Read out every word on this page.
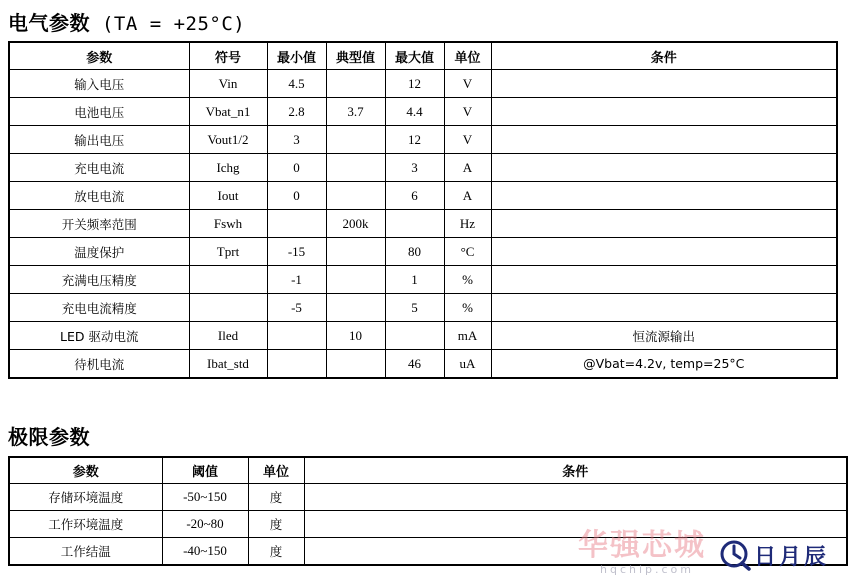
电气参数 (TA = +25°C)
参数	符号	最小值	典型值	最大值	单位	条件
输入电压	Vin	4.5		12	V	
电池电压	Vbat_n1	2.8	3.7	4.4	V	
输出电压	Vout1/2	3		12	V	
充电电流	Ichg	0		3	A	
放电电流	Iout	0		6	A	
开关频率范围	Fswh		200k		Hz	
温度保护	Tprt	-15		80	°C	
充满电压精度		-1		1	%	
充电电流精度		-5		5	%	
LED 驱动电流	Iled		10		mA	恒流源输出
待机电流	Ibat_std			46	uA	@Vbat=4.2v, temp=25°C
极限参数
参数	阈值	单位	条件
存储环境温度	-50~150	度	
工作环境温度	-20~80	度	
工作结温	-40~150	度		华强芯城
hqchip.com	日月辰
